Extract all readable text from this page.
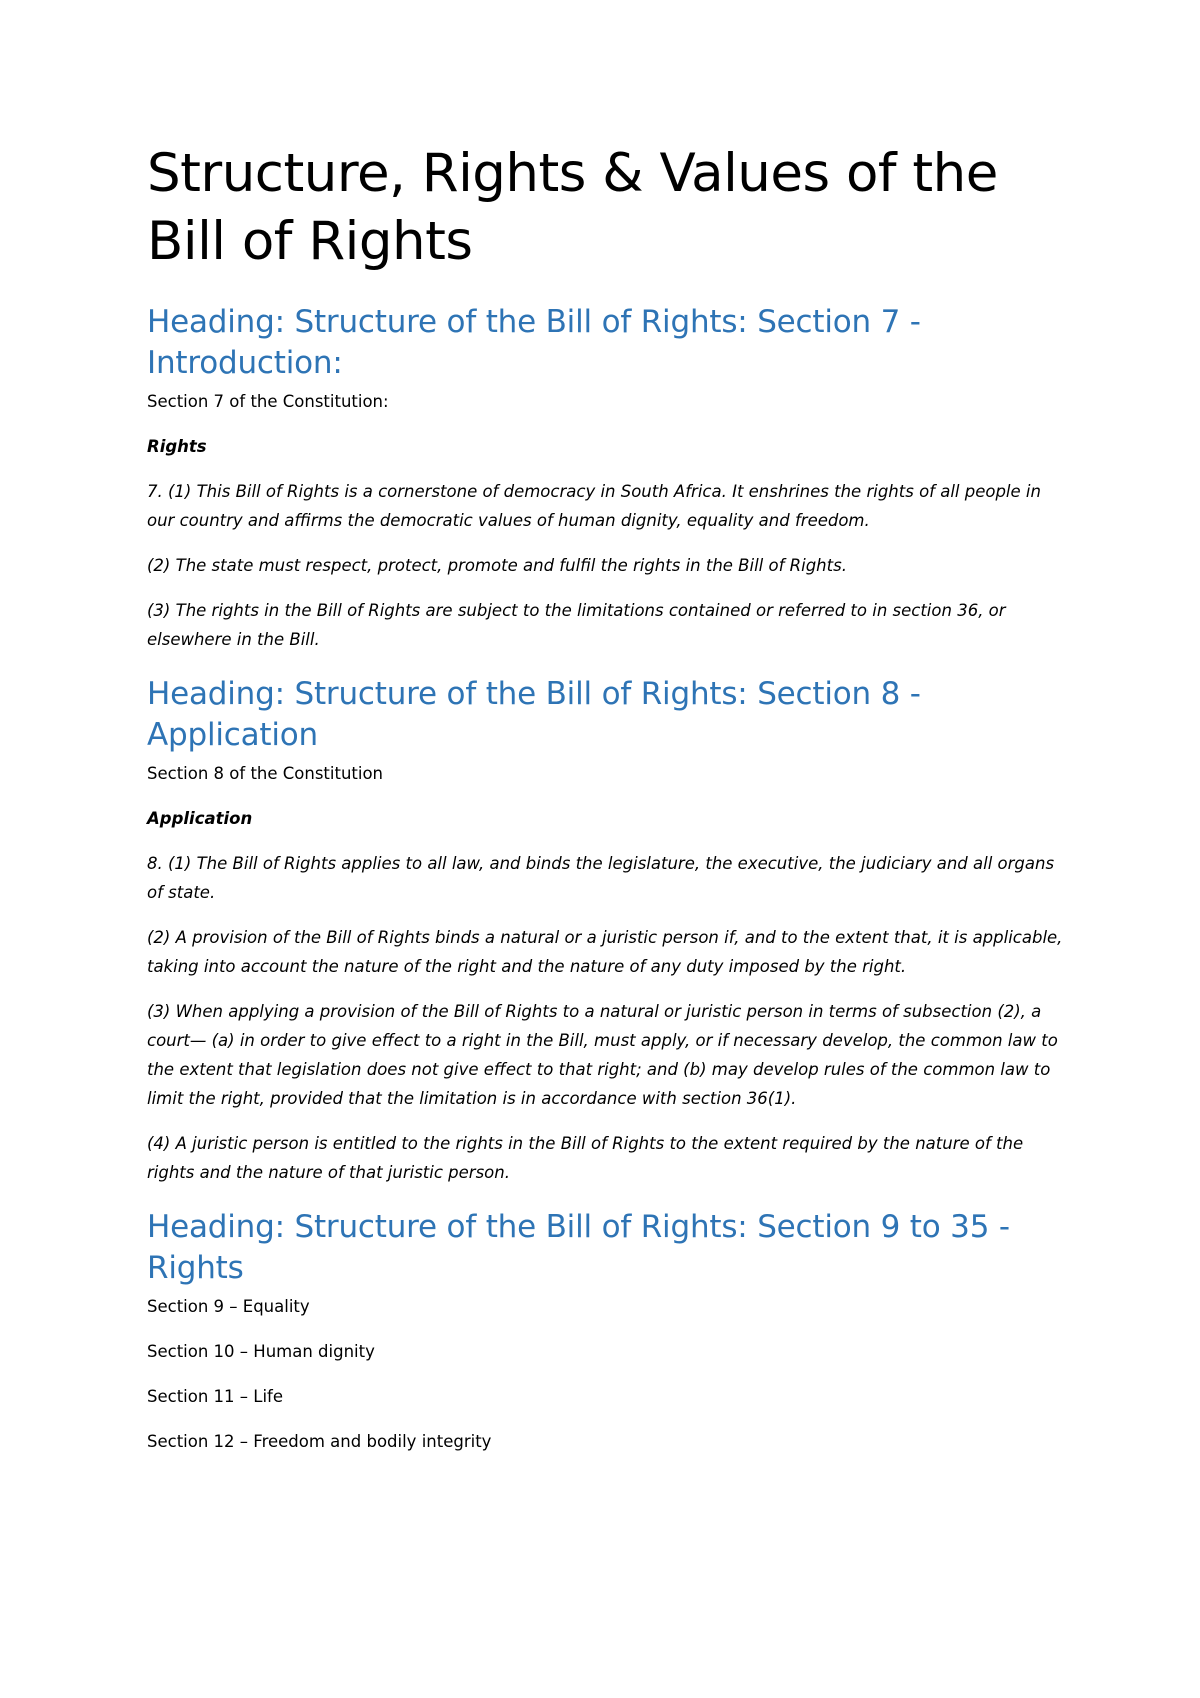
Structure, Rights & Values of the Bill of Rights
Heading: Structure of the Bill of Rights: Section 7 - Introduction:

Section 7 of the Constitution:

Rights

7. (1) This Bill of Rights is a cornerstone of democracy in South Africa. It enshrines the rights of all people in our country and affirms the democratic values of human dignity, equality and freedom.

(2) The state must respect, protect, promote and fulfil the rights in the Bill of Rights.

(3) The rights in the Bill of Rights are subject to the limitations contained or referred to in section 36, or elsewhere in the Bill.

Heading: Structure of the Bill of Rights: Section 8 - Application

Section 8 of the Constitution

Application

8. (1) The Bill of Rights applies to all law, and binds the legislature, the executive, the judiciary and all organs of state.

(2) A provision of the Bill of Rights binds a natural or a juristic person if, and to the extent that, it is applicable, taking into account the nature of the right and the nature of any duty imposed by the right.

(3) When applying a provision of the Bill of Rights to a natural or juristic person in terms of subsection (2), a court— (a) in order to give effect to a right in the Bill, must apply, or if necessary develop, the common law to the extent that legislation does not give effect to that right; and (b) may develop rules of the common law to limit the right, provided that the limitation is in accordance with section 36(1).

(4) A juristic person is entitled to the rights in the Bill of Rights to the extent required by the nature of the rights and the nature of that juristic person.

Heading: Structure of the Bill of Rights: Section 9 to 35 - Rights

Section 9 – Equality

Section 10 – Human dignity

Section 11 – Life

Section 12 – Freedom and bodily integrity
